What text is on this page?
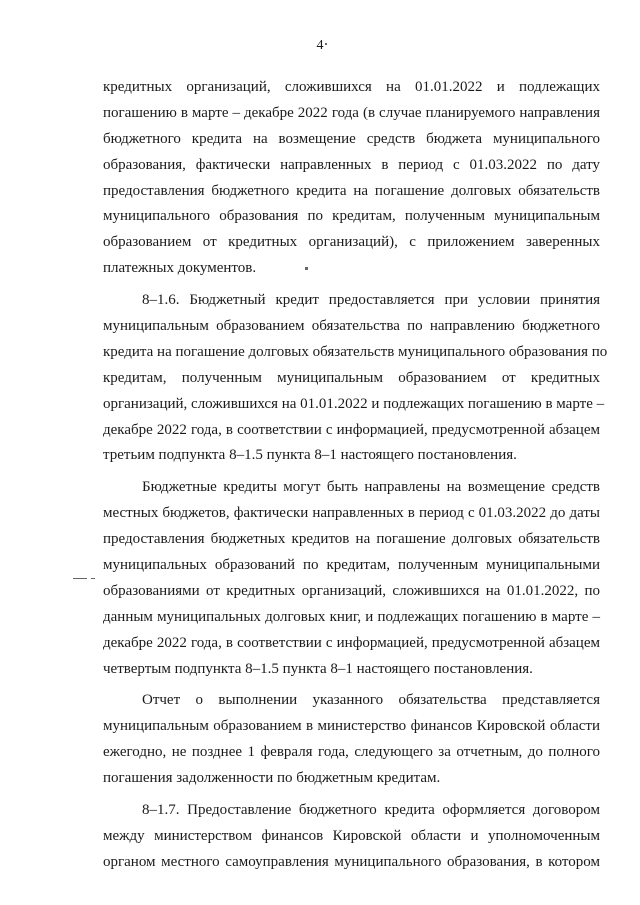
4
кредитных организаций, сложившихся на 01.01.2022 и подлежащих
погашению в марте – декабре 2022 года (в случае планируемого направления
бюджетного кредита на возмещение средств бюджета муниципального
образования, фактически направленных в период с 01.03.2022 по дату
предоставления бюджетного кредита на погашение долговых обязательств
муниципального образования по кредитам, полученным муниципальным
образованием от кредитных организаций), с приложением заверенных
платежных документов.
8–1.6. Бюджетный кредит предоставляется при условии принятия
муниципальным образованием обязательства по направлению бюджетного
кредита на погашение долговых обязательств муниципального образования по
кредитам, полученным муниципальным образованием от кредитных
организаций, сложившихся на 01.01.2022 и подлежащих погашению в марте –
декабре 2022 года, в соответствии с информацией, предусмотренной абзацем
третьим подпункта 8–1.5 пункта 8–1 настоящего постановления.
Бюджетные кредиты могут быть направлены на возмещение средств
местных бюджетов, фактически направленных в период с 01.03.2022 до даты
предоставления бюджетных кредитов на погашение долговых обязательств
муниципальных образований по кредитам, полученным муниципальными
образованиями от кредитных организаций, сложившихся на 01.01.2022, по
данным муниципальных долговых книг, и подлежащих погашению в марте –
декабре 2022 года, в соответствии с информацией, предусмотренной абзацем
четвертым подпункта 8–1.5 пункта 8–1 настоящего постановления.
Отчет о выполнении указанного обязательства представляется
муниципальным образованием в министерство финансов Кировской области
ежегодно, не позднее 1 февраля года, следующего за отчетным, до полного
погашения задолженности по бюджетным кредитам.
8–1.7. Предоставление бюджетного кредита оформляется договором
между министерством финансов Кировской области и уполномоченным
органом местного самоуправления муниципального образования, в котором
